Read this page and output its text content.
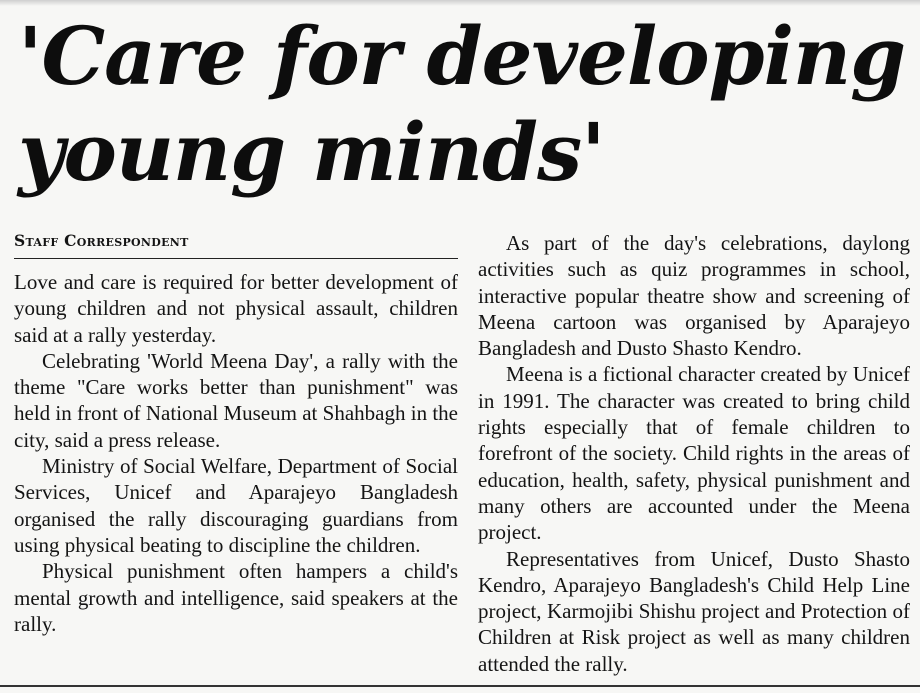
'Care for developing young minds'
Staff Correspondent

Love and care is required for better development of young children and not physical assault, children said at a rally yesterday.

Celebrating 'World Meena Day', a rally with the theme "Care works better than punishment" was held in front of National Museum at Shahbagh in the city, said a press release.

Ministry of Social Welfare, Department of Social Services, Unicef and Aparajeyo Bangladesh organised the rally discouraging guardians from using physical beating to discipline the children.

Physical punishment often hampers a child's mental growth and intelligence, said speakers at the rally.

As part of the day's celebrations, daylong activities such as quiz programmes in school, interactive popular theatre show and screening of Meena cartoon was organised by Aparajeyo Bangladesh and Dusto Shasto Kendro.

Meena is a fictional character created by Unicef in 1991. The character was created to bring child rights especially that of female children to forefront of the society. Child rights in the areas of education, health, safety, physical punishment and many others are accounted under the Meena project.

Representatives from Unicef, Dusto Shasto Kendro, Aparajeyo Bangladesh's Child Help Line project, Karmojibi Shishu project and Protection of Children at Risk project as well as many children attended the rally.
